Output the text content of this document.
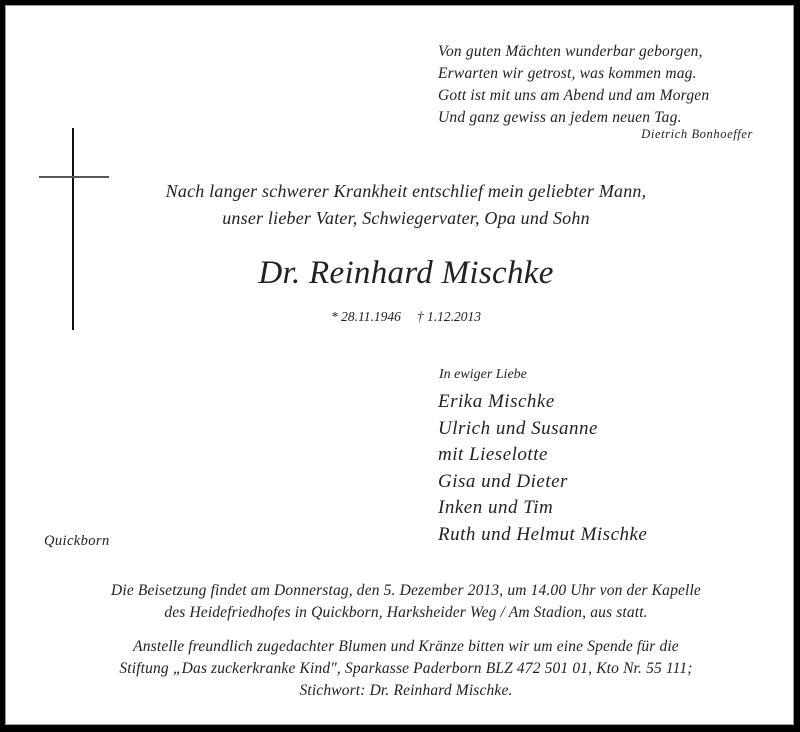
Von guten Mächten wunderbar geborgen,
Erwarten wir getrost, was kommen mag.
Gott ist mit uns am Abend und am Morgen
Und ganz gewiss an jedem neuen Tag.
Dietrich Bonhoeffer
Nach langer schwerer Krankheit entschlief mein geliebter Mann,
unser lieber Vater, Schwiegervater, Opa und Sohn
Dr. Reinhard Mischke
* 28.11.1946 † 1.12.2013
In ewiger Liebe
Erika Mischke
Ulrich und Susanne
mit Lieselotte
Gisa und Dieter
Inken und Tim
Ruth und Helmut Mischke
Quickborn
Die Beisetzung findet am Donnerstag, den 5. Dezember 2013, um 14.00 Uhr von der Kapelle
des Heidefriedhofes in Quickborn, Harksheider Weg / Am Stadion, aus statt.
Anstelle freundlich zugedachter Blumen und Kränze bitten wir um eine Spende für die
Stiftung „Das zuckerkranke Kind", Sparkasse Paderborn BLZ 472 501 01, Kto Nr. 55 111;
Stichwort: Dr. Reinhard Mischke.
